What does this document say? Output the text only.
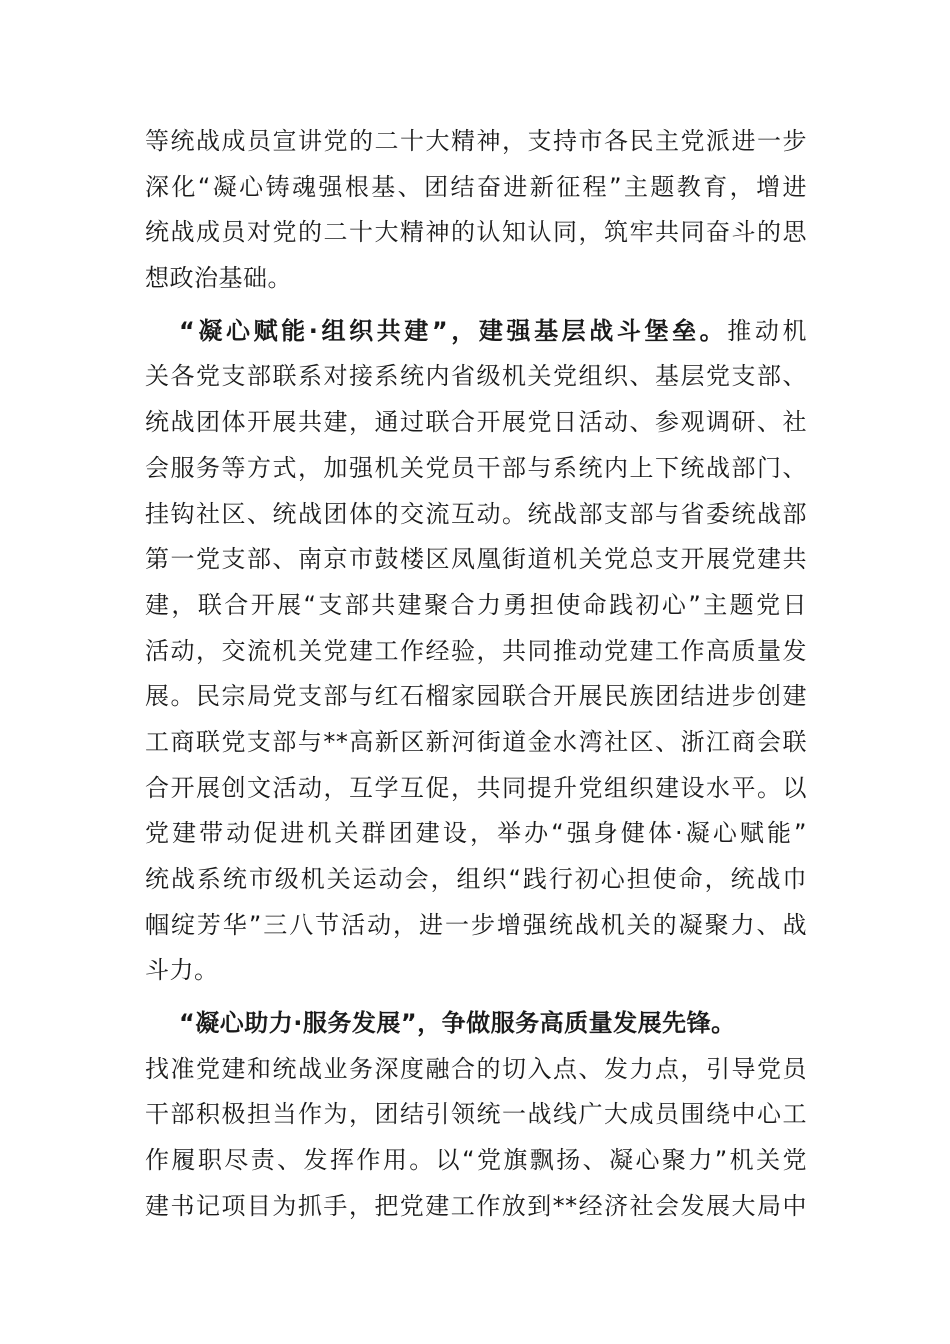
等统战成员宣讲党的二十大精神，支持市各民主党派进一步
深化“凝心铸魂强根基、团结奋进新征程”主题教育，增进
统战成员对党的二十大精神的认知认同，筑牢共同奋斗的思
想政治基础。
“凝心赋能·组织共建”，建强基层战斗堡垒。推动机
关各党支部联系对接系统内省级机关党组织、基层党支部、
统战团体开展共建，通过联合开展党日活动、参观调研、社
会服务等方式，加强机关党员干部与系统内上下统战部门、
挂钩社区、统战团体的交流互动。统战部支部与省委统战部
第一党支部、南京市鼓楼区凤凰街道机关党总支开展党建共
建，联合开展“支部共建聚合力勇担使命践初心”主题党日
活动，交流机关党建工作经验，共同推动党建工作高质量发
展。民宗局党支部与红石榴家园联合开展民族团结进步创建
工商联党支部与**高新区新河街道金水湾社区、浙江商会联
合开展创文活动，互学互促，共同提升党组织建设水平。以
党建带动促进机关群团建设，举办“强身健体·凝心赋能”
统战系统市级机关运动会，组织“践行初心担使命，统战巾
帼绽芳华”三八节活动，进一步增强统战机关的凝聚力、战
斗力。
“凝心助力·服务发展”，争做服务高质量发展先锋。
找准党建和统战业务深度融合的切入点、发力点，引导党员
干部积极担当作为，团结引领统一战线广大成员围绕中心工
作履职尽责、发挥作用。以“党旗飘扬、凝心聚力”机关党
建书记项目为抓手，把党建工作放到**经济社会发展大局中
